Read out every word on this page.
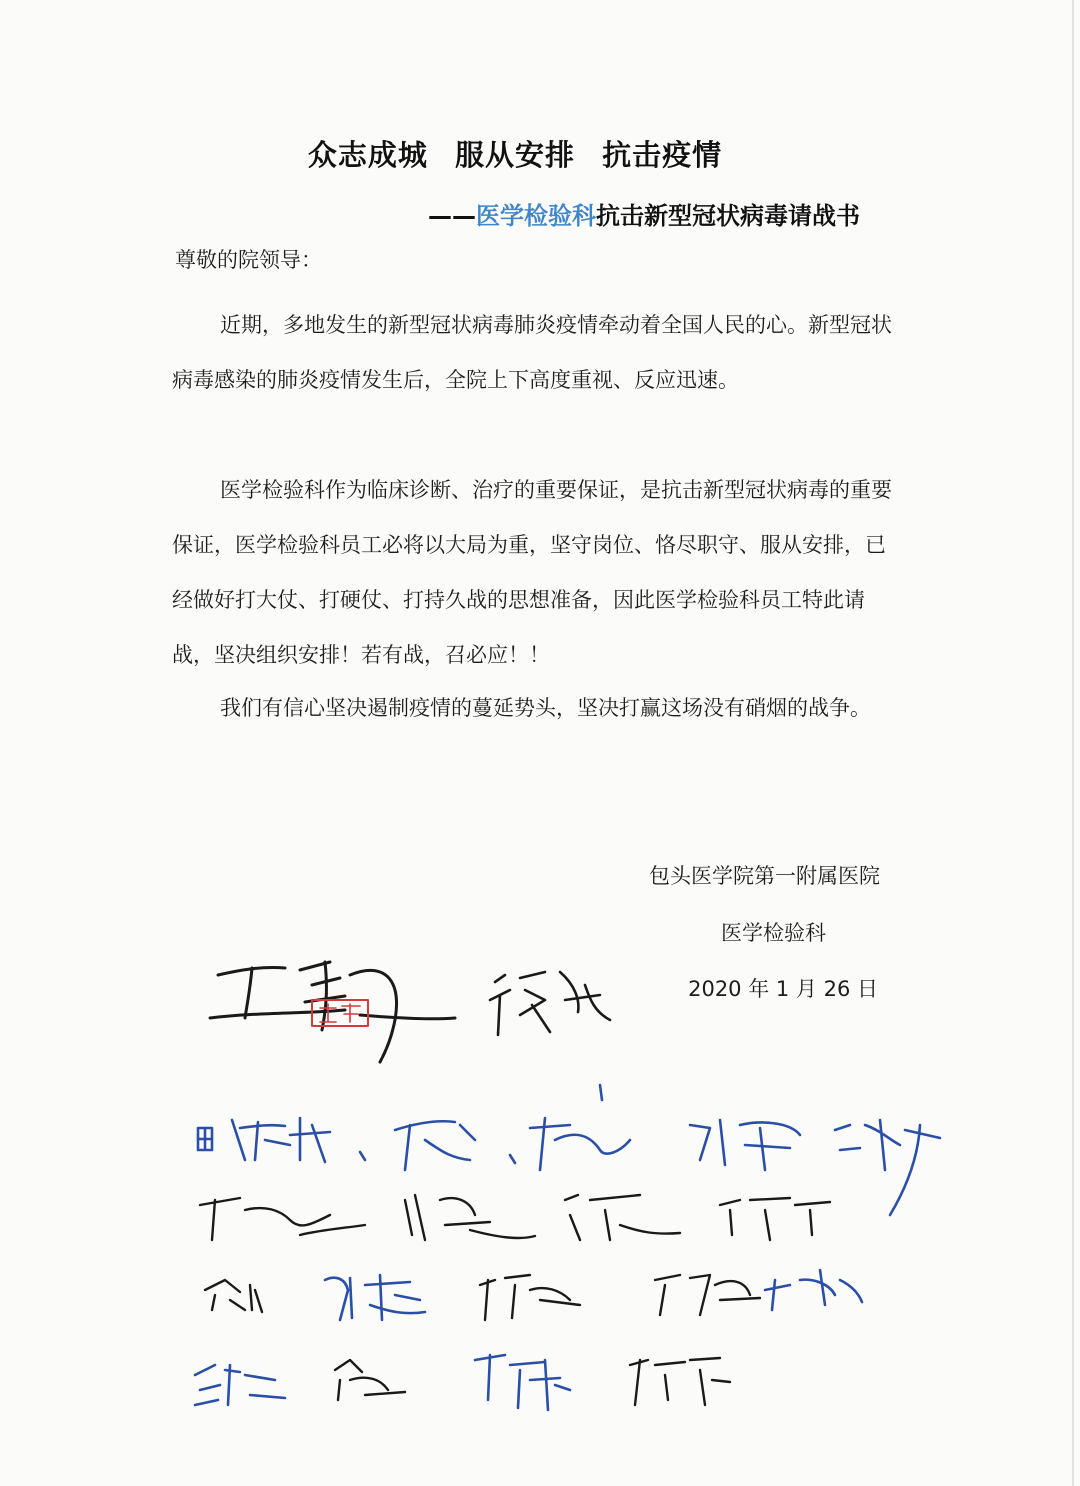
众志成城 服从安排 抗击疫情
——医学检验科抗击新型冠状病毒请战书
尊敬的院领导：

近期，多地发生的新型冠状病毒肺炎疫情牵动着全国人民的心。新型冠状病毒感染的肺炎疫情发生后，全院上下高度重视、反应迅速。

医学检验科作为临床诊断、治疗的重要保证，是抗击新型冠状病毒的重要保证，医学检验科员工必将以大局为重，坚守岗位、恪尽职守、服从安排，已经做好打大仗、打硬仗、打持久战的思想准备，因此医学检验科员工特此请战，坚决组织安排！若有战，召必应！！

我们有信心坚决遏制疫情的蔓延势头，坚决打赢这场没有硝烟的战争。

包头医学院第一附属医院
医学检验科
2020 年 1 月 26 日
